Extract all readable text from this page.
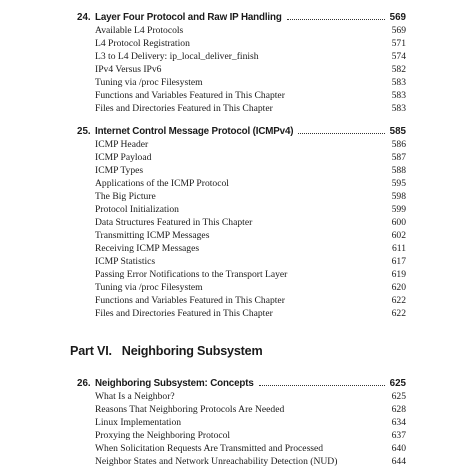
24. Layer Four Protocol and Raw IP Handling	569
Available L4 Protocols	569
L4 Protocol Registration	571
L3 to L4 Delivery: ip_local_deliver_finish	574
IPv4 Versus IPv6	582
Tuning via /proc Filesystem	583
Functions and Variables Featured in This Chapter	583
Files and Directories Featured in This Chapter	583
25. Internet Control Message Protocol (ICMPv4)	585
ICMP Header	586
ICMP Payload	587
ICMP Types	588
Applications of the ICMP Protocol	595
The Big Picture	598
Protocol Initialization	599
Data Structures Featured in This Chapter	600
Transmitting ICMP Messages	602
Receiving ICMP Messages	611
ICMP Statistics	617
Passing Error Notifications to the Transport Layer	619
Tuning via /proc Filesystem	620
Functions and Variables Featured in This Chapter	622
Files and Directories Featured in This Chapter	622
Part VI. Neighboring Subsystem
26. Neighboring Subsystem: Concepts	625
What Is a Neighbor?	625
Reasons That Neighboring Protocols Are Needed	628
Linux Implementation	634
Proxying the Neighboring Protocol	637
When Solicitation Requests Are Transmitted and Processed	640
Neighbor States and Network Unreachability Detection (NUD)	644
